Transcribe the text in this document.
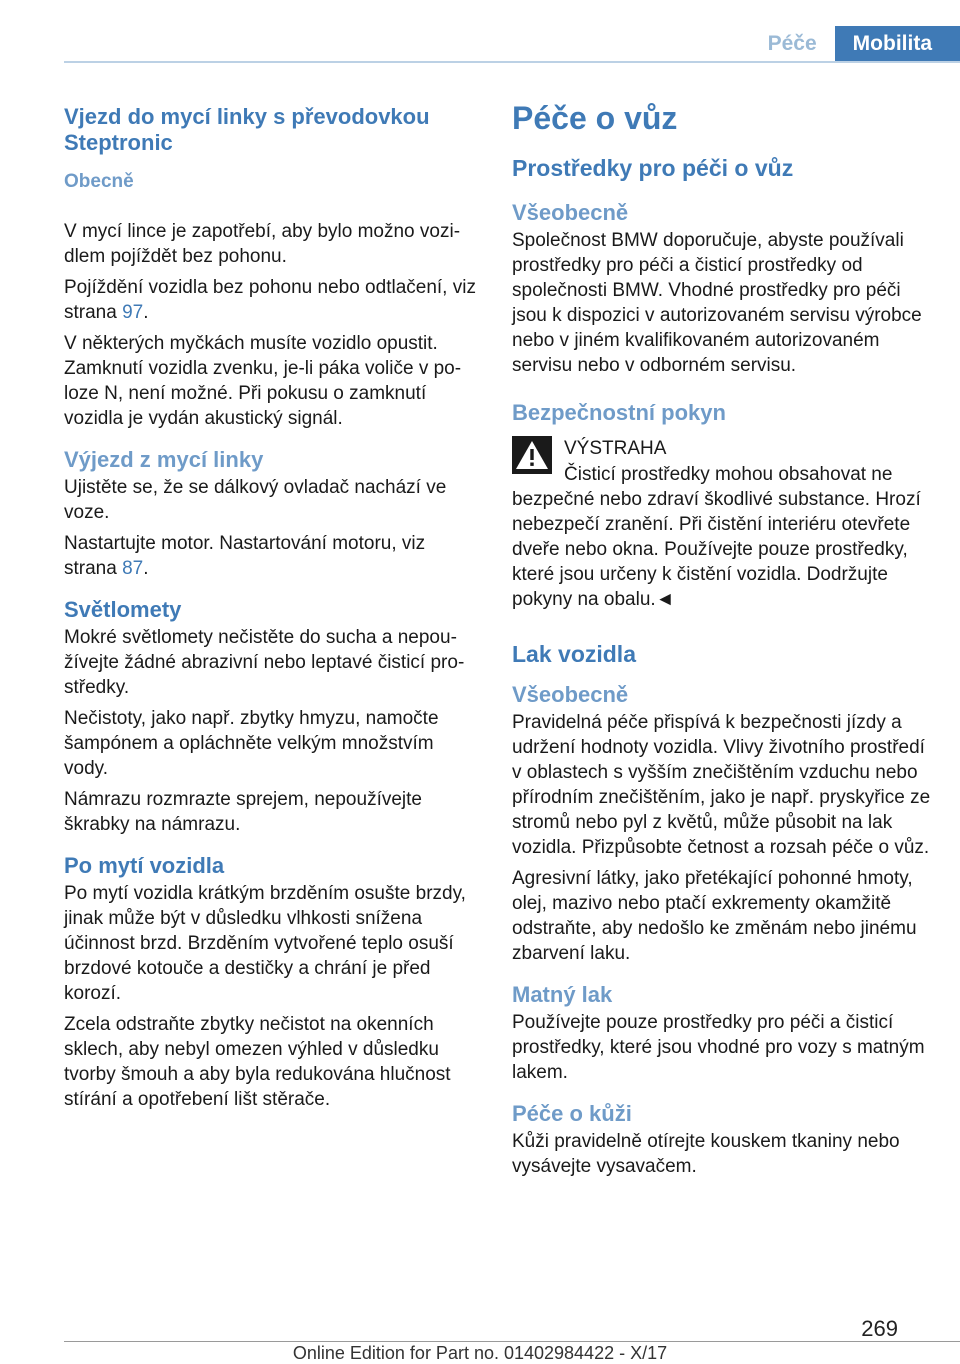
Péče	Mobilita
Vjezd do mycí linky s převodovkou Steptronic
Obecně

V mycí lince je zapotřebí, aby bylo možno vozidlem pojíždět bez pohonu.

Pojíždění vozidla bez pohonu nebo odtlačení, viz strana 97.

V některých myčkách musíte vozidlo opustit. Zamknutí vozidla zvenku, je-li páka voliče v poloze N, není možné. Při pokusu o zamknutí vozidla je vydán akustický signál.

Výjezd z mycí linky

Ujistěte se, že se dálkový ovladač nachází ve voze.

Nastartujte motor. Nastartování motoru, viz strana 87.

Světlomety

Mokré světlomety nečistěte do sucha a nepoužívejte žádné abrazivní nebo leptavé čisticí prostředky.

Nečistoty, jako např. zbytky hmyzu, namočte šampónem a opláchněte velkým množstvím vody.

Námrazu rozmrazte sprejem, nepoužívejte škrabky na námrazu.

Po mytí vozidla

Po mytí vozidla krátkým brzděním osušte brzdy, jinak může být v důsledku vlhkosti snížena účinnost brzd. Brzděním vytvořené teplo osuší brzdové kotouče a destičky a chrání je před korozí.

Zcela odstraňte zbytky nečistot na okenních sklech, aby nebyl omezen výhled v důsledku tvorby šmouh a aby byla redukována hlučnost stírání a opotřebení lišt stěrače.

Péče o vůz
Prostředky pro péči o vůz
Všeobecně

Společnost BMW doporučuje, abyste používali prostředky pro péči a čisticí prostředky od společnosti BMW. Vhodné prostředky pro péči jsou k dispozici v autorizovaném servisu výrobce nebo v jiném kvalifikovaném autorizovaném servisu nebo v odborném servisu.

Bezpečnostní pokyn

VÝSTRAHA

Čisticí prostředky mohou obsahovat ne

bezpečné nebo zdraví škodlivé substance. Hrozí nebezpečí zranění. Při čistění interiéru otevřete dveře nebo okna. Používejte pouze prostředky, které jsou určeny k čistění vozidla. Dodržujte pokyny na obalu.◄

Lak vozidla
Všeobecně

Pravidelná péče přispívá k bezpečnosti jízdy a udržení hodnoty vozidla. Vlivy životního prostředí v oblastech s vyšším znečištěním vzduchu nebo přírodním znečištěním, jako je např. pryskyřice ze stromů nebo pyl z květů, může působit na lak vozidla. Přizpůsobte četnost a rozsah péče o vůz.

Agresivní látky, jako přetékající pohonné hmoty, olej, mazivo nebo ptačí exkrementy okamžitě odstraňte, aby nedošlo ke změnám nebo jinému zbarvení laku.

Matný lak

Používejte pouze prostředky pro péči a čisticí prostředky, které jsou vhodné pro vozy s matným lakem.

Péče o kůži

Kůži pravidelně otírejte kouskem tkaniny nebo vysávejte vysavačem.

269
Online Edition for Part no. 01402984422 - X/17
